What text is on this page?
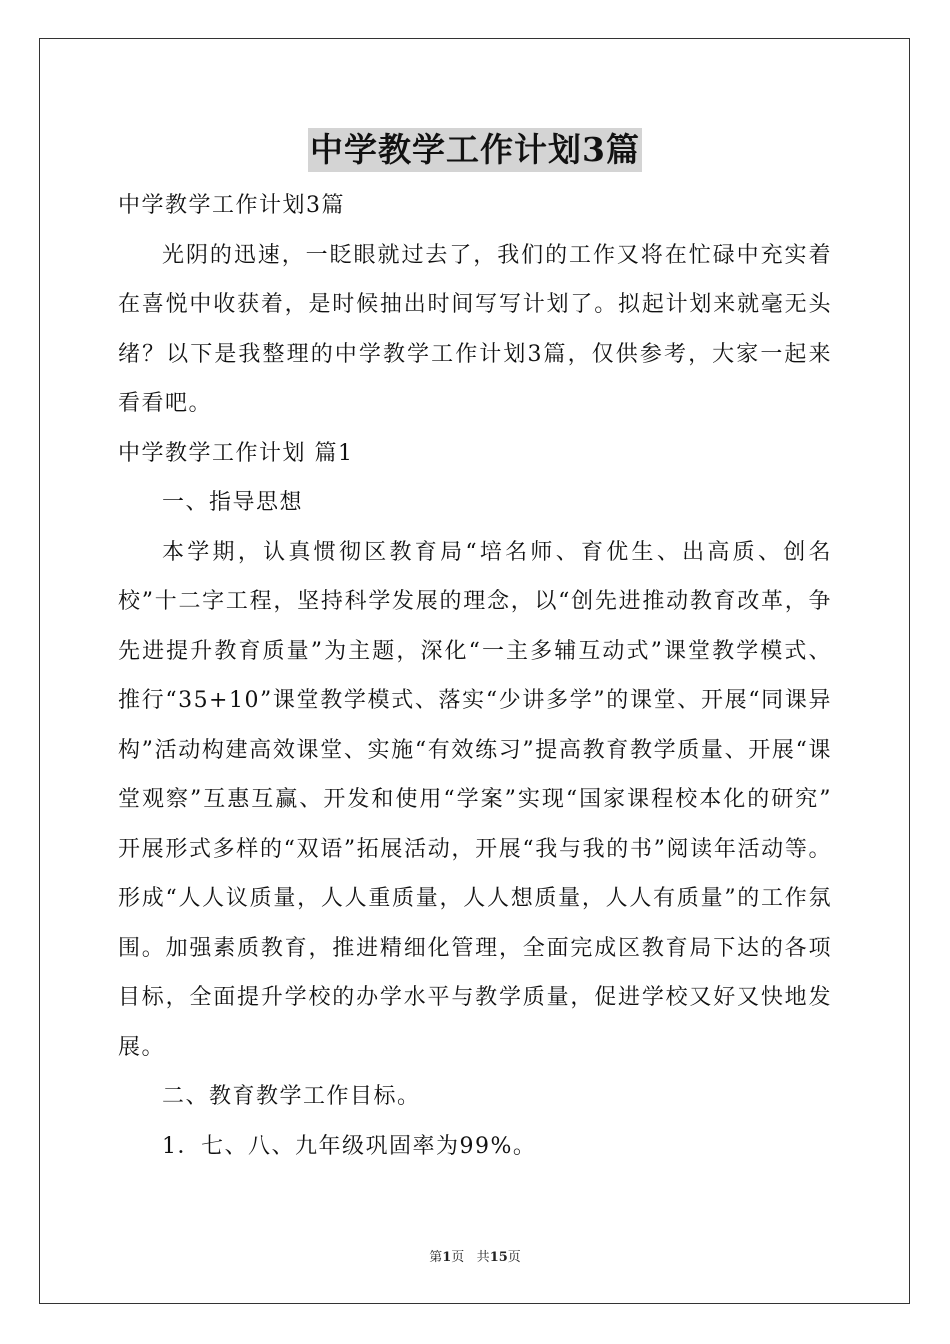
中学教学工作计划3篇

中学教学工作计划3篇

光阴的迅速，一眨眼就过去了，我们的工作又将在忙碌中充实着在喜悦中收获着，是时候抽出时间写写计划了。拟起计划来就毫无头绪？以下是我整理的中学教学工作计划3篇，仅供参考，大家一起来看看吧。

中学教学工作计划 篇1

一、指导思想

本学期，认真惯彻区教育局“培名师、育优生、出高质、创名校”十二字工程，坚持科学发展的理念，以“创先进推动教育改革，争先进提升教育质量”为主题，深化“一主多辅互动式”课堂教学模式、推行“35+10”课堂教学模式、落实“少讲多学”的课堂、开展“同课异构”活动构建高效课堂、实施“有效练习”提高教育教学质量、开展“课堂观察”互惠互赢、开发和使用“学案”实现“国家课程校本化的研究” 开展形式多样的“双语”拓展活动，开展“我与我的书”阅读年活动等。形成“人人议质量，人人重质量，人人想质量，人人有质量”的工作氛围。加强素质教育，推进精细化管理，全面完成区教育局下达的各项目标，全面提升学校的办学水平与教学质量，促进学校又好又快地发展。

二、教育教学工作目标。

1．七、八、九年级巩固率为99%。

第1页 共15页
